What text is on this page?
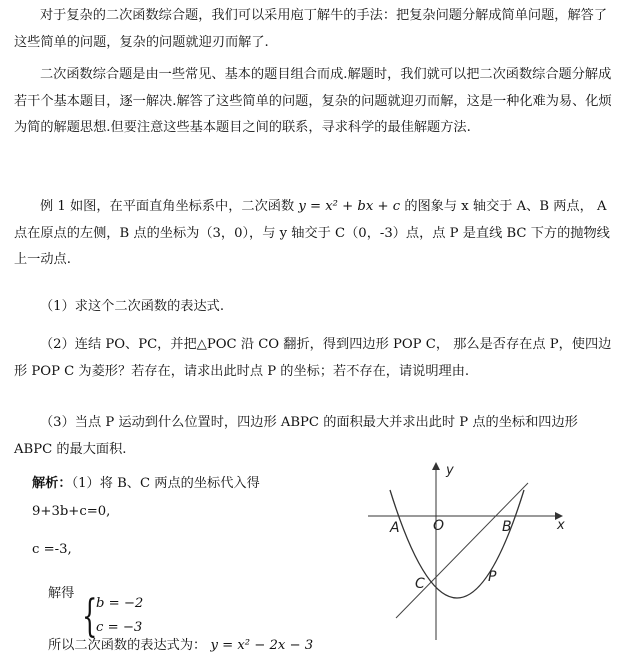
对于复杂的二次函数综合题，我们可以采用庖丁解牛的手法：把复杂问题分解成简单问题，解答了这些简单的问题，复杂的问题就迎刃而解了.

二次函数综合题是由一些常见、基本的题目组合而成.解题时，我们就可以把二次函数综合题分解成若干个基本题目，逐一解决.解答了这些简单的问题，复杂的问题就迎刃而解，这是一种化难为易、化烦为简的解题思想.但要注意这些基本题目之间的联系，寻求科学的最佳解题方法.

例 1 如图，在平面直角坐标系中，二次函数 y = x² + bx + c 的图象与 x 轴交于 A、B 两点， A点在原点的左侧，B 点的坐标为（3，0），与 y 轴交于 C（0，-3）点，点 P 是直线 BC 下方的抛物线上一动点.

（1）求这个二次函数的表达式.

（2）连结 PO、PC，并把△POC 沿 CO 翻折，得到四边形 POP C， 那么是否存在点 P，使四边形 POP C 为菱形？若存在，请求出此时点 P 的坐标；若不存在，请说明理由.

（3）当点 P 运动到什么位置时，四边形 ABPC 的面积最大并求出此时 P 点的坐标和四边形 ABPC 的最大面积.

解析：（1）将 B、C 两点的坐标代入得

9+3b+c=0,

c =-3,

解得 {

b = −2

c = −3

所以二次函数的表达式为： y = x² − 2x − 3

x
y
A O	B
C	P
